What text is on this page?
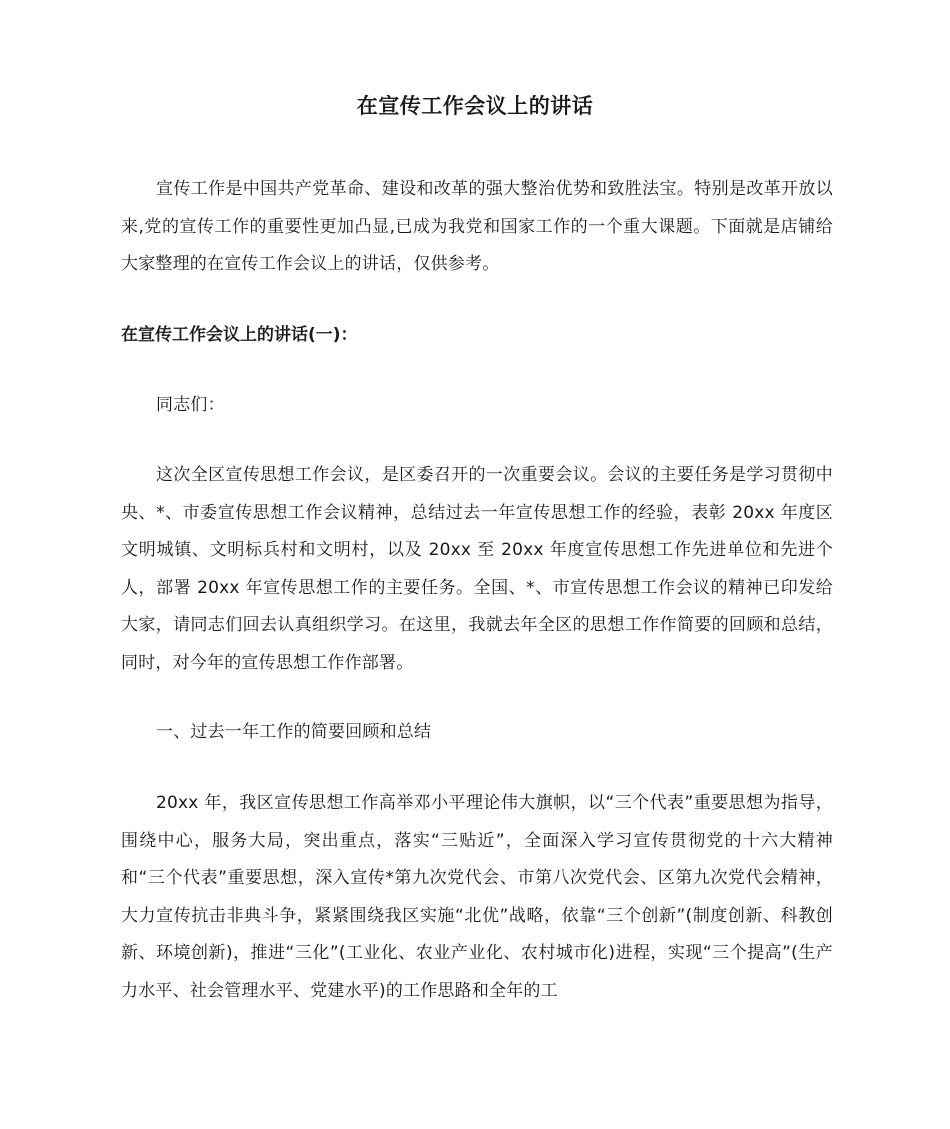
在宣传工作会议上的讲话

宣传工作是中国共产党革命、建设和改革的强大整治优势和致胜法宝。特别是改革开放以来,党的宣传工作的重要性更加凸显,已成为我党和国家工作的一个重大课题。下面就是店铺给大家整理的在宣传工作会议上的讲话，仅供参考。

在宣传工作会议上的讲话(一)：

同志们：

这次全区宣传思想工作会议，是区委召开的一次重要会议。会议的主要任务是学习贯彻中央、*、市委宣传思想工作会议精神，总结过去一年宣传思想工作的经验，表彰 20xx 年度区文明城镇、文明标兵村和文明村，以及 20xx 至 20xx 年度宣传思想工作先进单位和先进个人，部署 20xx 年宣传思想工作的主要任务。全国、*、市宣传思想工作会议的精神已印发给大家，请同志们回去认真组织学习。在这里，我就去年全区的思想工作作简要的回顾和总结，同时，对今年的宣传思想工作作部署。

一、过去一年工作的简要回顾和总结

20xx 年，我区宣传思想工作高举邓小平理论伟大旗帜，以“三个代表”重要思想为指导，围绕中心，服务大局，突出重点，落实“三贴近”，全面深入学习宣传贯彻党的十六大精神和“三个代表”重要思想，深入宣传*第九次党代会、市第八次党代会、区第九次党代会精神，大力宣传抗击非典斗争，紧紧围绕我区实施“北优”战略，依靠“三个创新”(制度创新、科教创新、环境创新)，推进“三化”(工业化、农业产业化、农村城市化)进程，实现“三个提高”(生产力水平、社会管理水平、党建水平)的工作思路和全年的工
